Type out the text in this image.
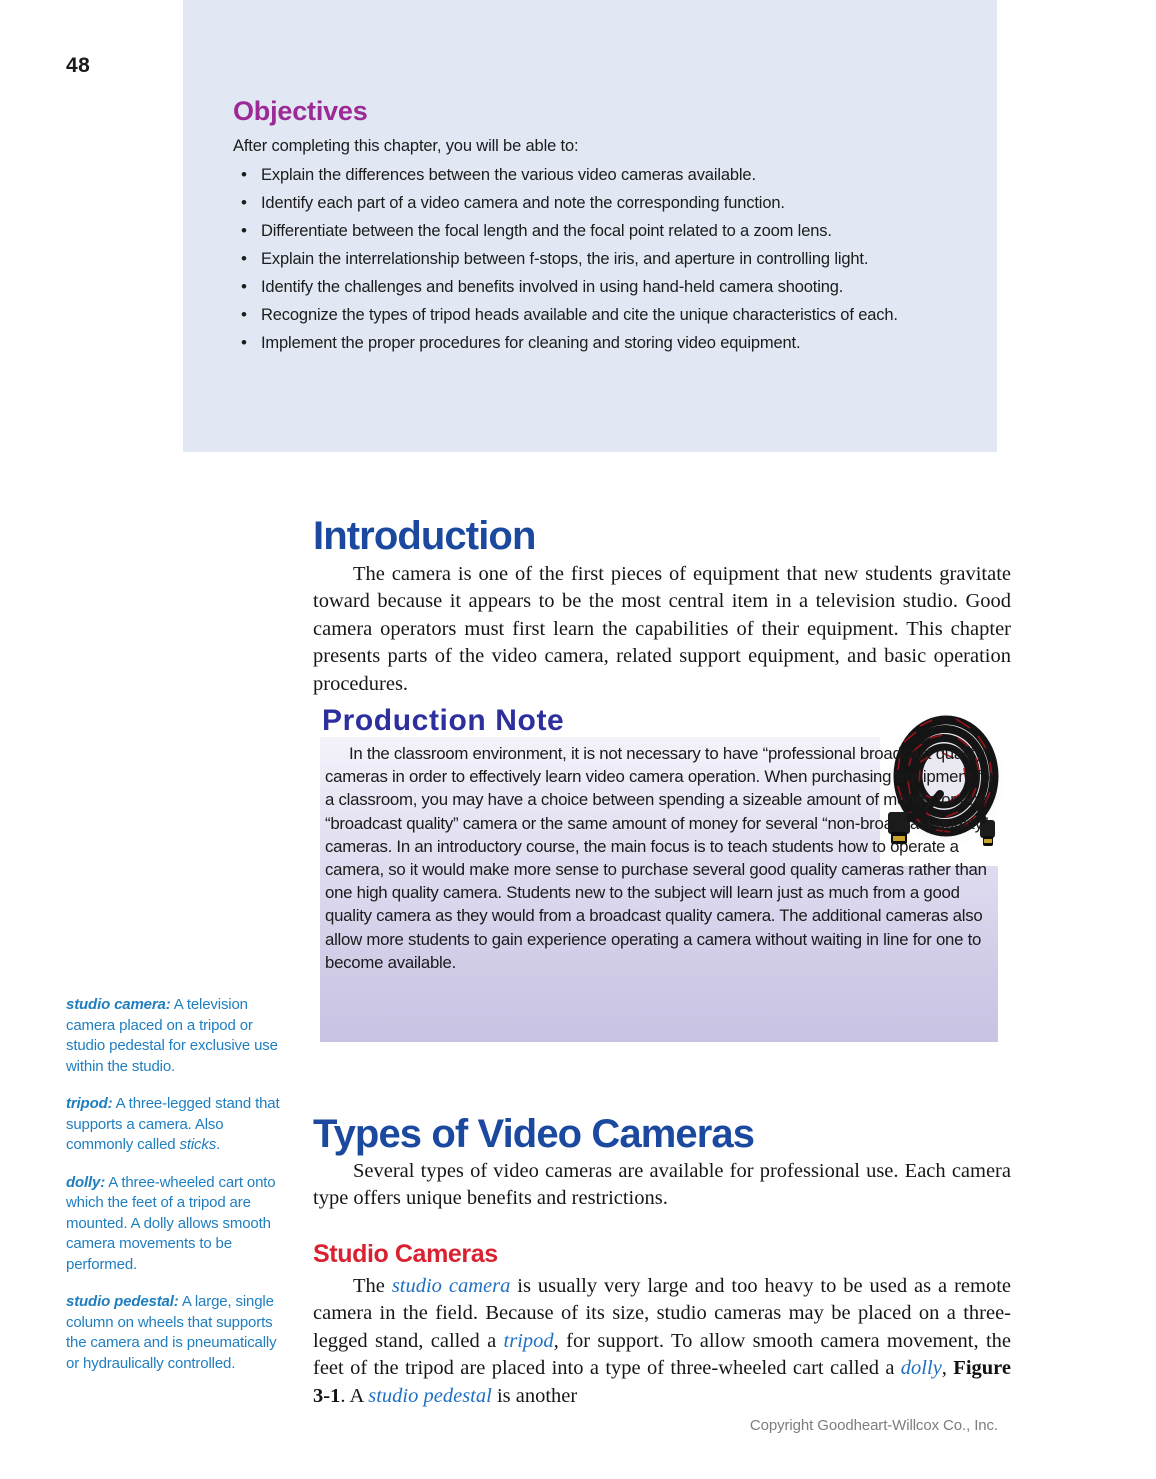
48
Objectives
After completing this chapter, you will be able to:
• Explain the differences between the various video cameras available.
• Identify each part of a video camera and note the corresponding function.
• Differentiate between the focal length and the focal point related to a zoom lens.
• Explain the interrelationship between f-stops, the iris, and aperture in controlling light.
• Identify the challenges and benefits involved in using hand-held camera shooting.
• Recognize the types of tripod heads available and cite the unique characteristics of each.
• Implement the proper procedures for cleaning and storing video equipment.
Introduction

The camera is one of the first pieces of equipment that new students gravitate toward because it appears to be the most central item in a television studio. Good camera operators must first learn the capabilities of their equipment. This chapter presents parts of the video camera, related support equipment, and basic operation procedures.

Production Note
In the classroom environment, it is not necessary to have “professional broadcast quality” cameras in order to effectively learn video camera operation. When purchasing equipment for a classroom, you may have a choice between spending a sizeable amount of money for one “broadcast quality” camera or the same amount of money for several “non-broadcast quality” cameras. In an introductory course, the main focus is to teach students how to operate a camera, so it would make more sense to purchase several good quality cameras rather than one high quality camera. Students new to the subject will learn just as much from a good quality camera as they would from a broadcast quality camera. The additional cameras also allow more students to gain experience operating a camera without waiting in line for one to become available.
studio camera: A television camera placed on a tripod or studio pedestal for exclusive use within the studio.
tripod: A three-legged stand that supports a camera. Also commonly called sticks.
dolly: A three-wheeled cart onto which the feet of a tripod are mounted. A dolly allows smooth camera movements to be performed.
studio pedestal: A large, single column on wheels that supports the camera and is pneumatically or hydraulically controlled.
Types of Video Cameras

Several types of video cameras are available for professional use. Each camera type offers unique benefits and restrictions.

Studio Cameras

The studio camera is usually very large and too heavy to be used as a remote camera in the field. Because of its size, studio cameras may be placed on a three-legged stand, called a tripod, for support. To allow smooth camera movement, the feet of the tripod are placed into a type of three-wheeled cart called a dolly, Figure 3-1. A studio pedestal is another

Copyright Goodheart-Willcox Co., Inc.
